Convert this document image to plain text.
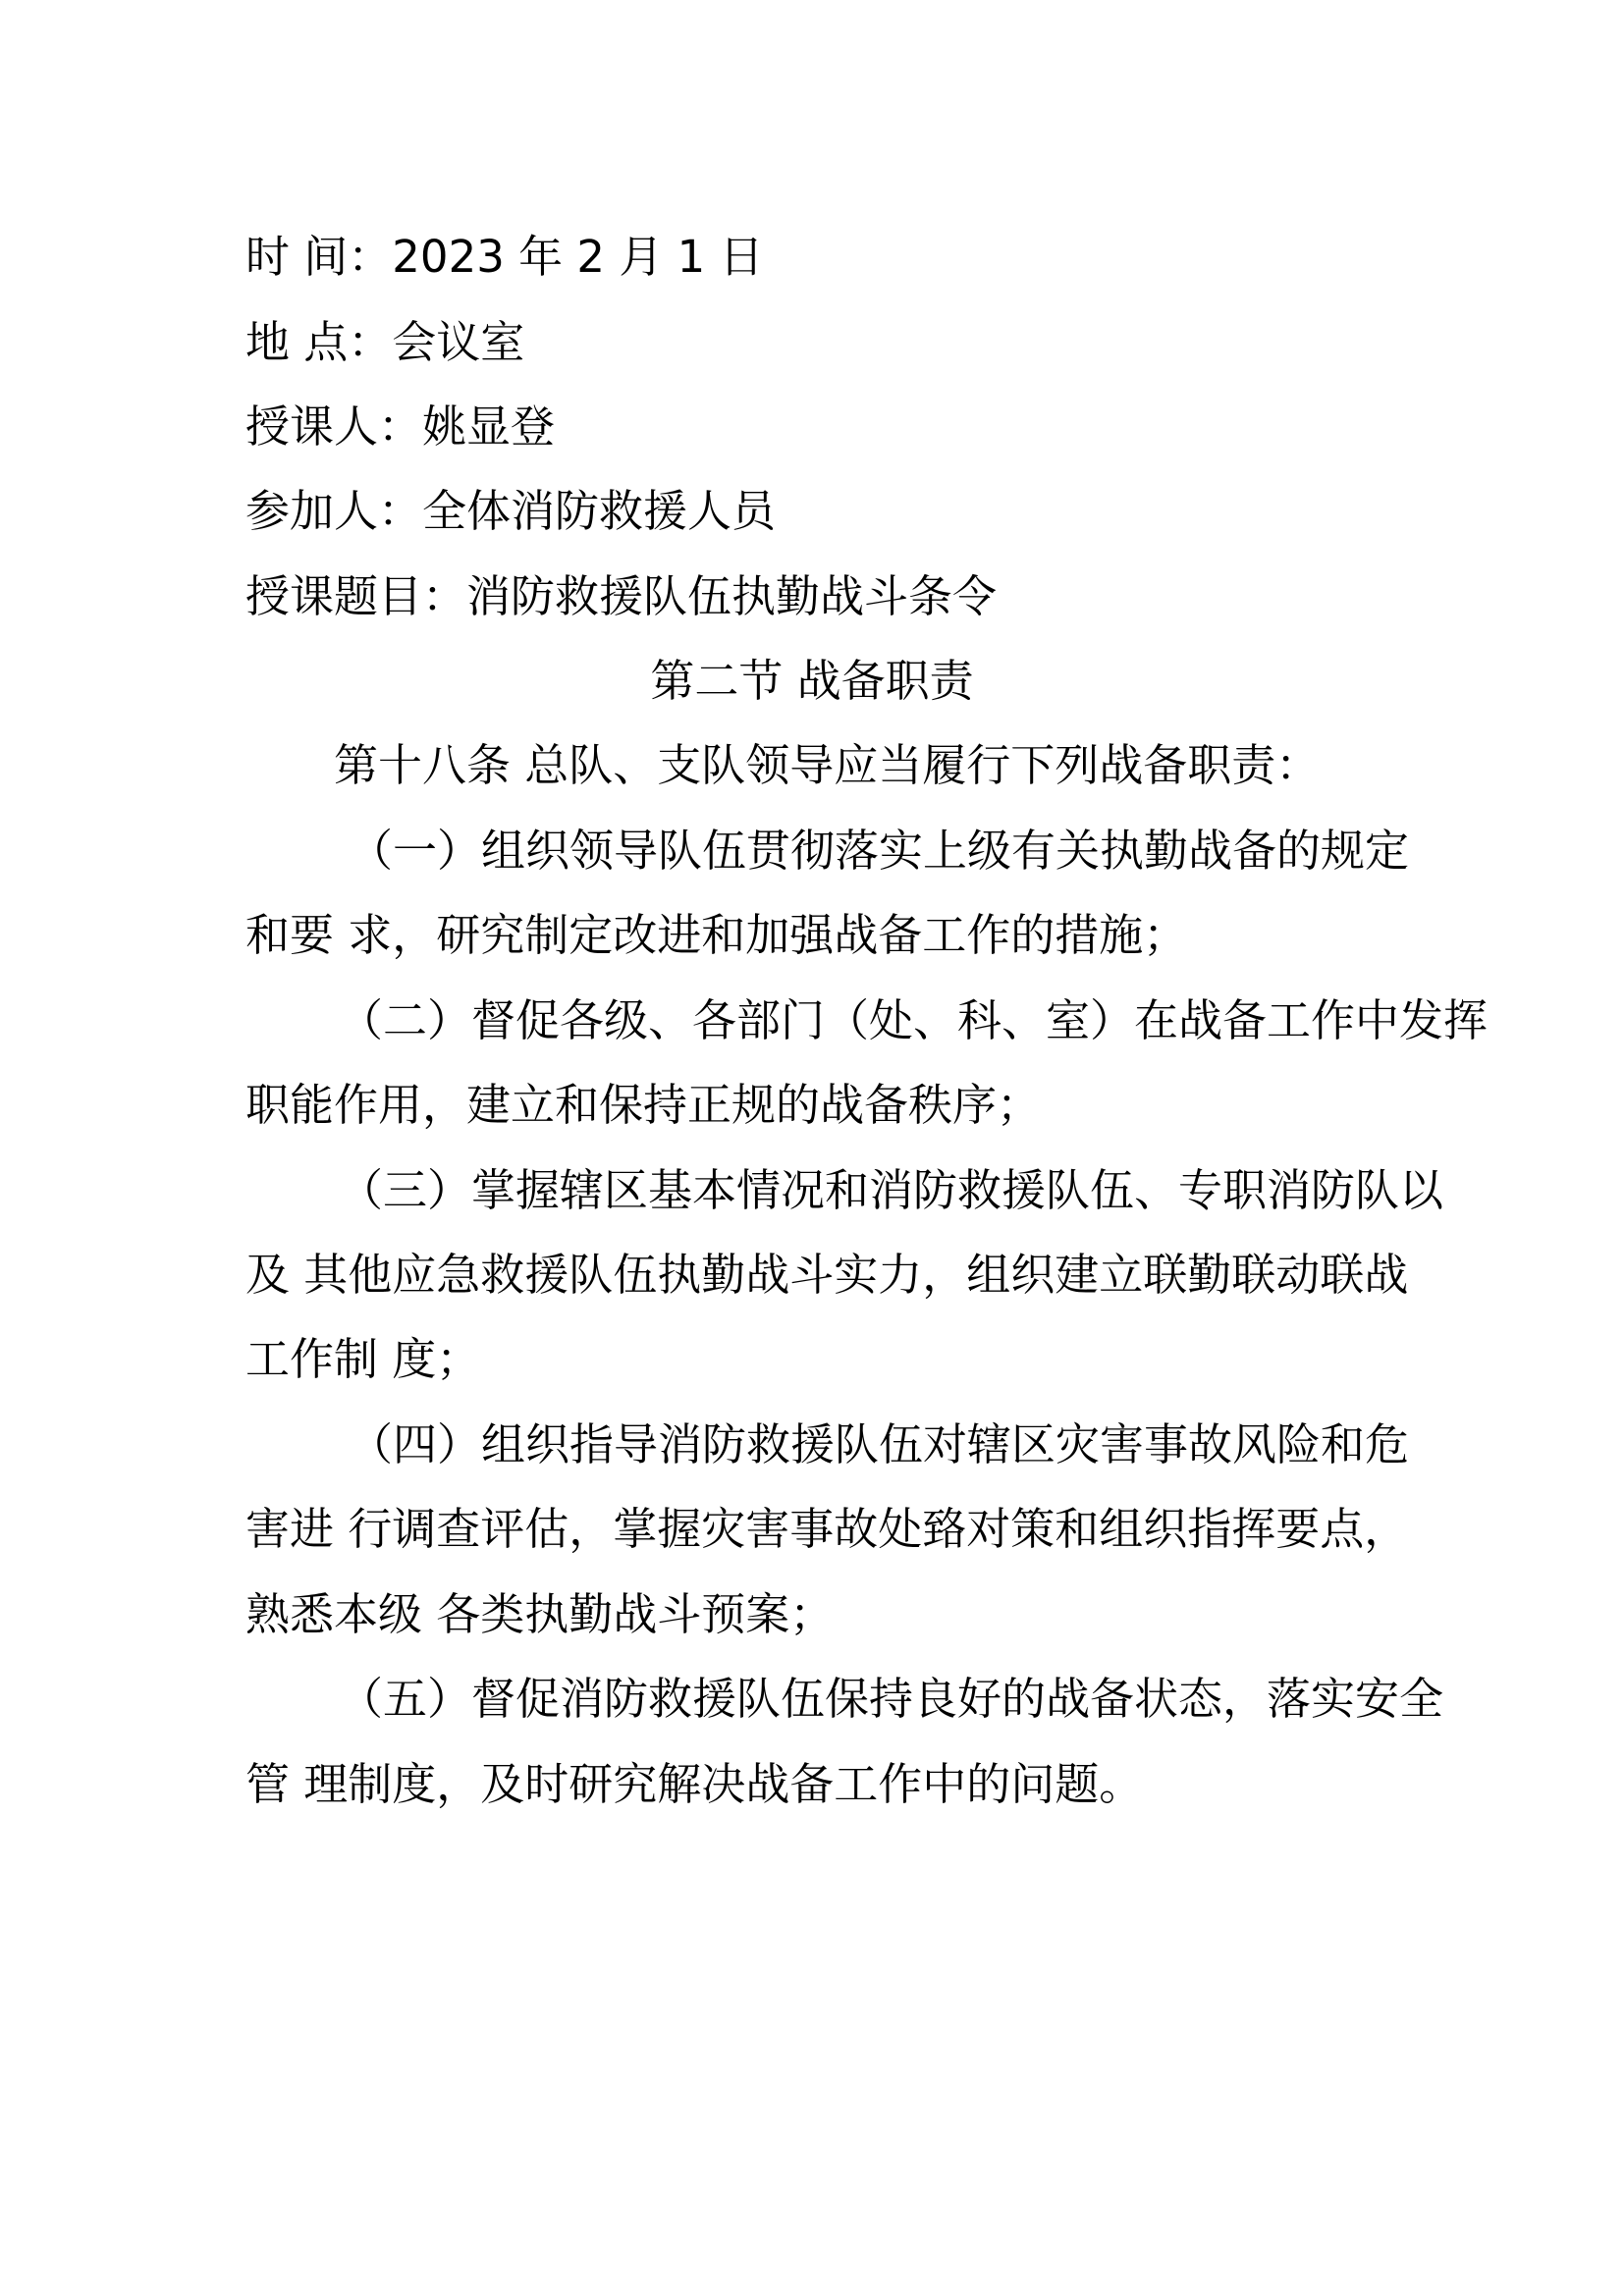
时 间：2023 年 2 月 1 日
地 点：会议室
授课人：姚显登
参加人：全体消防救援人员
授课题目：消防救援队伍执勤战斗条令
第二节 战备职责
第十八条 总队、支队领导应当履行下列战备职责：
（一）组织领导队伍贯彻落实上级有关执勤战备的规定
和要 求，研究制定改进和加强战备工作的措施；
（二）督促各级、各部门（处、科、室）在战备工作中发挥
职能作用，建立和保持正规的战备秩序；
（三）掌握辖区基本情况和消防救援队伍、专职消防队以
及 其他应急救援队伍执勤战斗实力，组织建立联勤联动联战
工作制 度；
（四）组织指导消防救援队伍对辖区灾害事故风险和危
害进 行调查评估，掌握灾害事故处臵对策和组织指挥要点，
熟悉本级 各类执勤战斗预案；
（五）督促消防救援队伍保持良好的战备状态，落实安全
管 理制度，及时研究解决战备工作中的问题。
